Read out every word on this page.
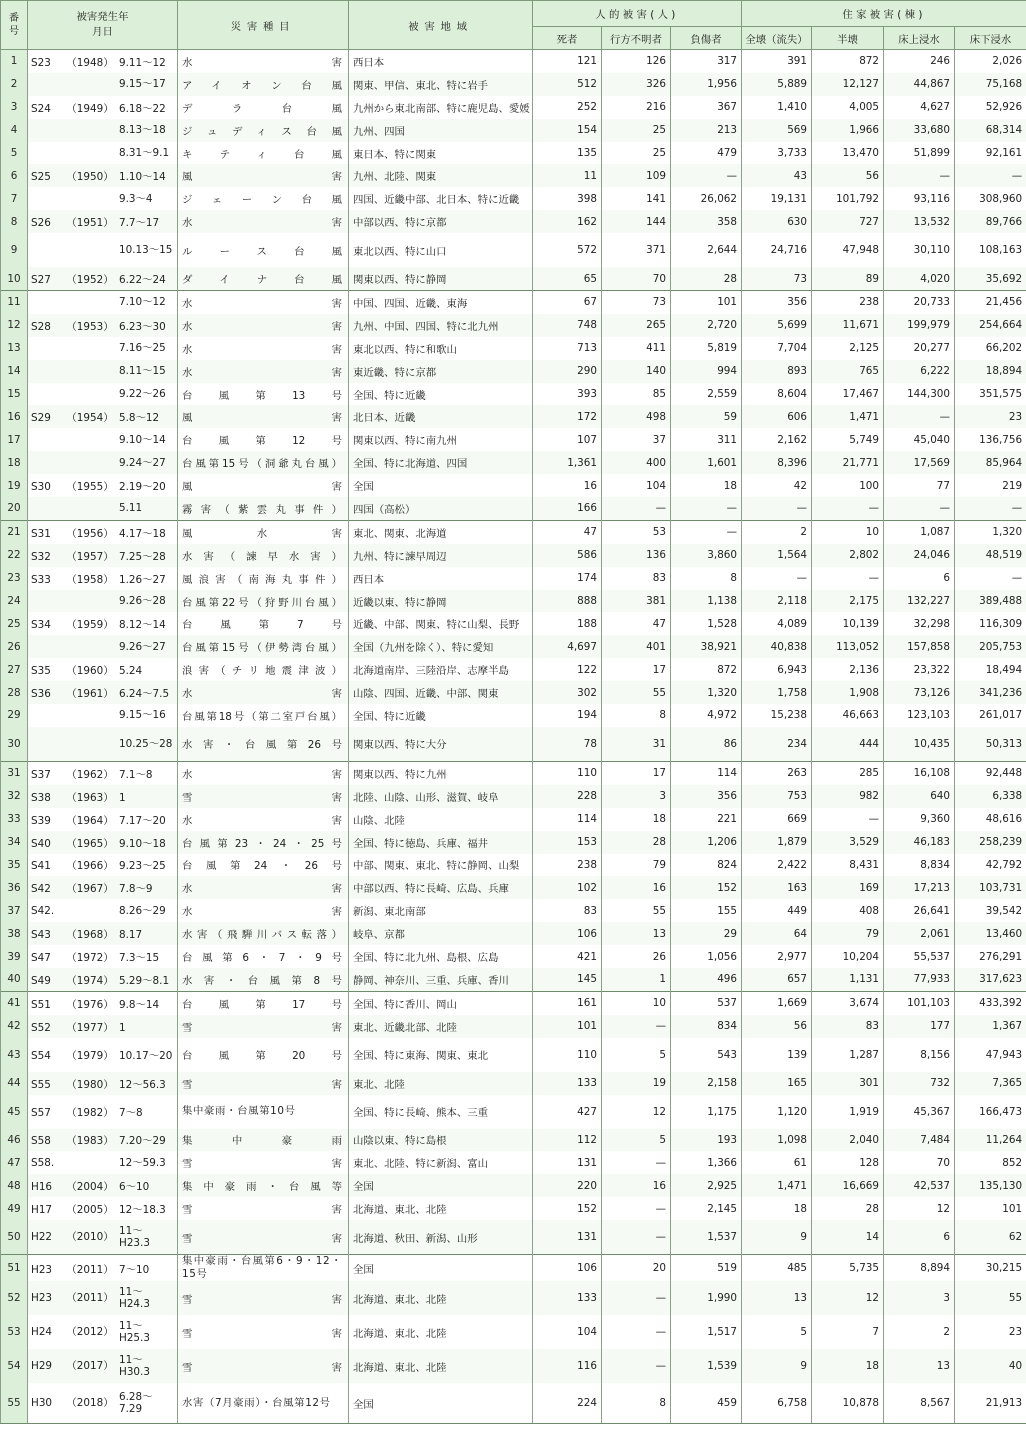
番号	被害発生年月日	災害種目	被害地域	人的被害(人)			住家被害(棟)			
				死者	行方不明者	負傷者	全壊（流失）	半壊	床上浸水	床下浸水
1	S23 （1948） 9.11～12	水害	西日本	121	126	317	391	872	246	2,026
2	9.15～17	アイオン台風	関東、甲信、東北、特に岩手	512	326	1,956	5,889	12,127	44,867	75,168
3	S24 （1949） 6.18～22	デラ台風	九州から東北南部、特に鹿児島、愛媛	252	216	367	1,410	4,005	4,627	52,926
4	8.13～18	ジュディス台風	九州、四国	154	25	213	569	1,966	33,680	68,314
5	8.31～9.1	キティ台風	東日本、特に関東	135	25	479	3,733	13,470	51,899	92,161
6	S25 （1950） 1.10～14	風害	九州、北陸、関東	11	109	—	43	56	—	—
7	9.3～4	ジェーン台風	四国、近畿中部、北日本、特に近畿	398	141	26,062	19,131	101,792	93,116	308,960
8	S26 （1951） 7.7～17	水害	中部以西、特に京都	162	144	358	630	727	13,532	89,766
9	10.13～15	ルース台風	東北以西、特に山口	572	371	2,644	24,716	47,948	30,110	108,163
10	S27 （1952） 6.22～24	ダイナ台風	関東以西、特に静岡	65	70	28	73	89	4,020	35,692
11	7.10～12	水害	中国、四国、近畿、東海	67	73	101	356	238	20,733	21,456
12	S28 （1953） 6.23～30	水害	九州、中国、四国、特に北九州	748	265	2,720	5,699	11,671	199,979	254,664
13	7.16～25	水害	東北以西、特に和歌山	713	411	5,819	7,704	2,125	20,277	66,202
14	8.11～15	水害	東近畿、特に京都	290	140	994	893	765	6,222	18,894
15	9.22～26	台風第13号	全国、特に近畿	393	85	2,559	8,604	17,467	144,300	351,575
16	S29 （1954） 5.8～12	風害	北日本、近畿	172	498	59	606	1,471	—	23
17	9.10～14	台風第12号	関東以西、特に南九州	107	37	311	2,162	5,749	45,040	136,756
18	9.24～27	台風第15号（洞爺丸台風）	全国、特に北海道、四国	1,361	400	1,601	8,396	21,771	17,569	85,964
19	S30 （1955） 2.19～20	風害	全国	16	104	18	42	100	77	219
20	5.11	霧害（紫雲丸事件）	四国（高松）	166	—	—	—	—	—	—
21	S31 （1956） 4.17～18	風水害	東北、関東、北海道	47	53	—	2	10	1,087	1,320
22	S32 （1957） 7.25～28	水害（諫早水害）	九州、特に諫早周辺	586	136	3,860	1,564	2,802	24,046	48,519
23	S33 （1958） 1.26～27	風浪害（南海丸事件）	西日本	174	83	8	—	—	6	—
24	9.26～28	台風第22号（狩野川台風）	近畿以東、特に静岡	888	381	1,138	2,118	2,175	132,227	389,488
25	S34 （1959） 8.12～14	台風第7号	近畿、中部、関東、特に山梨、長野	188	47	1,528	4,089	10,139	32,298	116,309
26	9.26～27	台風第15号（伊勢湾台風）	全国（九州を除く）、特に愛知	4,697	401	38,921	40,838	113,052	157,858	205,753
27	S35 （1960） 5.24	浪害（チリ地震津波）	北海道南岸、三陸沿岸、志摩半島	122	17	872	6,943	2,136	23,322	18,494
28	S36 （1961） 6.24～7.5	水害	山陰、四国、近畿、中部、関東	302	55	1,320	1,758	1,908	73,126	341,236
29	9.15～16	台風第18号（第二室戸台風）	全国、特に近畿	194	8	4,972	15,238	46,663	123,103	261,017
30	10.25～28	水害・台風第26号	関東以西、特に大分	78	31	86	234	444	10,435	50,313
31	S37 （1962） 7.1～8	水害	関東以西、特に九州	110	17	114	263	285	16,108	92,448
32	S38 （1963） 1	雪害	北陸、山陰、山形、滋賀、岐阜	228	3	356	753	982	640	6,338
33	S39 （1964） 7.17～20	水害	山陰、北陸	114	18	221	669	—	9,360	48,616
34	S40 （1965） 9.10～18	台風第23・24・25号	全国、特に徳島、兵庫、福井	153	28	1,206	1,879	3,529	46,183	258,239
35	S41 （1966） 9.23～25	台風第24・26号	中部、関東、東北、特に静岡、山梨	238	79	824	2,422	8,431	8,834	42,792
36	S42 （1967） 7.8～9	水害	中部以西、特に長崎、広島、兵庫	102	16	152	163	169	17,213	103,731
37	S42. 8.26～29	水害	新潟、東北南部	83	55	155	449	408	26,641	39,542
38	S43 （1968） 8.17	水害（飛騨川バス転落）	岐阜、京都	106	13	29	64	79	2,061	13,460
39	S47 （1972） 7.3～15	台風第6・7・9号	全国、特に北九州、島根、広島	421	26	1,056	2,977	10,204	55,537	276,291
40	S49 （1974） 5.29～8.1	水害・台風第8号	静岡、神奈川、三重、兵庫、香川	145	1	496	657	1,131	77,933	317,623
41	S51 （1976） 9.8～14	台風第17号	全国、特に香川、岡山	161	10	537	1,669	3,674	101,103	433,392
42	S52 （1977） 1	雪害	東北、近畿北部、北陸	101	—	834	56	83	177	1,367
43	S54 （1979） 10.17～20	台風第20号	全国、特に東海、関東、東北	110	5	543	139	1,287	8,156	47,943
44	S55 （1980） 12～56.3	雪害	東北、北陸	133	19	2,158	165	301	732	7,365
45	S57 （1982） 7～8	集中豪雨・台風第10号	全国、特に長崎、熊本、三重	427	12	1,175	1,120	1,919	45,367	166,473
46	S58 （1983） 7.20～29	集中豪雨	山陰以東、特に島根	112	5	193	1,098	2,040	7,484	11,264
47	S58. 12～59.3	雪害	東北、北陸、特に新潟、富山	131	—	1,366	61	128	70	852
48	H16 （2004） 6～10	集中豪雨・台風等	全国	220	16	2,925	1,471	16,669	42,537	135,130
49	H17 （2005） 12～18.3	雪害	北海道、東北、北陸	152	—	2,145	18	28	12	101
50	H22 （2010） 11～H23.3	雪害	北海道、秋田、新潟、山形	131	—	1,537	9	14	6	62
51	H23 （2011） 7～10	集中豪雨・台風第6・9・12・15号	全国	106	20	519	485	5,735	8,894	30,215
52	H23 （2011） 11～H24.3	雪害	北海道、東北、北陸	133	—	1,990	13	12	3	55
53	H24 （2012） 11～H25.3	雪害	北海道、東北、北陸	104	—	1,517	5	7	2	23
54	H29 （2017） 11～H30.3	雪害	北海道、東北、北陸	116	—	1,539	9	18	13	40
55	H30 （2018） 6.28～7.29	水害（7月豪雨）・台風第12号	全国	224	8	459	6,758	10,878	8,567	21,913
